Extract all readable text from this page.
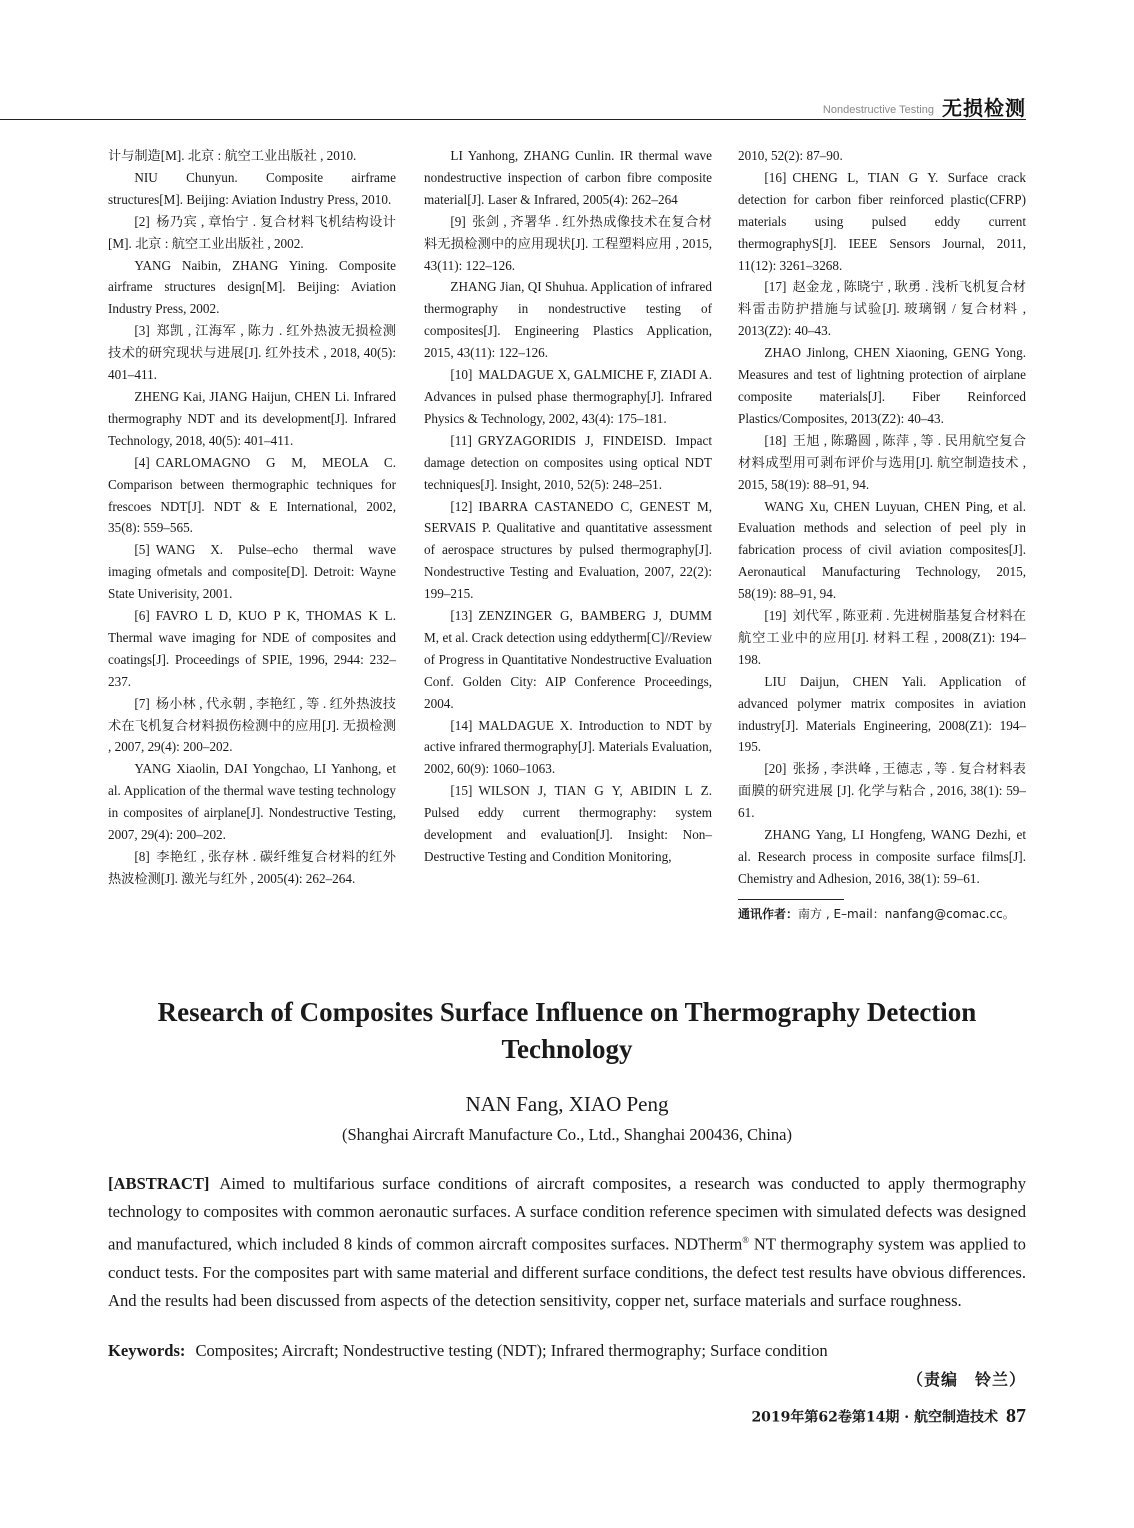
Nondestructive Testing 无损检测

计与制造[M]. 北京 : 航空工业出版社 , 2010.

NIU Chunyun. Composite airframe structures[M]. Beijing: Aviation Industry Press, 2010.

[2] 杨乃宾 , 章怡宁 . 复合材料飞机结构设计[M]. 北京 : 航空工业出版社 , 2002.

YANG Naibin, ZHANG Yining. Composite airframe structures design[M]. Beijing: Aviation Industry Press, 2002.

[3] 郑凯 , 江海军 , 陈力 . 红外热波无损检测技术的研究现状与进展[J]. 红外技术 , 2018, 40(5): 401–411.

ZHENG Kai, JIANG Haijun, CHEN Li. Infrared thermography NDT and its development[J]. Infrared Technology, 2018, 40(5): 401–411.

[4] CARLOMAGNO G M, MEOLA C. Comparison between thermographic techniques for frescoes NDT[J]. NDT & E International, 2002, 35(8): 559–565.

[5] WANG X. Pulse–echo thermal wave imaging ofmetals and composite[D]. Detroit: Wayne State Univerisity, 2001.

[6] FAVRO L D, KUO P K, THOMAS K L. Thermal wave imaging for NDE of composites and coatings[J]. Proceedings of SPIE, 1996, 2944: 232–237.

[7] 杨小林 , 代永朝 , 李艳红 , 等 . 红外热波技术在飞机复合材料损伤检测中的应用[J]. 无损检测 , 2007, 29(4): 200–202.

YANG Xiaolin, DAI Yongchao, LI Yanhong, et al. Application of the thermal wave testing technology in composites of airplane[J]. Nondestructive Testing, 2007, 29(4): 200–202.

[8] 李艳红 , 张存林 . 碳纤维复合材料的红外热波检测[J]. 激光与红外 , 2005(4): 262–264.

LI Yanhong, ZHANG Cunlin. IR thermal wave nondestructive inspection of carbon fibre composite material[J]. Laser & Infrared, 2005(4): 262–264

[9] 张剑 , 齐署华 . 红外热成像技术在复合材料无损检测中的应用现状[J]. 工程塑料应用 , 2015, 43(11): 122–126.

ZHANG Jian, QI Shuhua. Application of infrared thermography in nondestructive testing of composites[J]. Engineering Plastics Application, 2015, 43(11): 122–126.

[10] MALDAGUE X, GALMICHE F, ZIADI A. Advances in pulsed phase thermography[J]. Infrared Physics & Technology, 2002, 43(4): 175–181.

[11] GRYZAGORIDIS J, FINDEISD. Impact damage detection on composites using optical NDT techniques[J]. Insight, 2010, 52(5): 248–251.

[12] IBARRA CASTANEDO C, GENEST M, SERVAIS P. Qualitative and quantitative assessment of aerospace structures by pulsed thermography[J]. Nondestructive Testing and Evaluation, 2007, 22(2): 199–215.

[13] ZENZINGER G, BAMBERG J, DUMM M, et al. Crack detection using eddytherm[C]//Review of Progress in Quantitative Nondestructive Evaluation Conf. Golden City: AIP Conference Proceedings, 2004.

[14] MALDAGUE X. Introduction to NDT by active infrared thermography[J]. Materials Evaluation, 2002, 60(9): 1060–1063.

[15] WILSON J, TIAN G Y, ABIDIN L Z. Pulsed eddy current thermography: system development and evaluation[J]. Insight: Non–Destructive Testing and Condition Monitoring,

2010, 52(2): 87–90.

[16] CHENG L, TIAN G Y. Surface crack detection for carbon fiber reinforced plastic(CFRP) materials using pulsed eddy current thermographyS[J]. IEEE Sensors Journal, 2011, 11(12): 3261–3268.

[17] 赵金龙 , 陈晓宁 , 耿勇 . 浅析飞机复合材料雷击防护措施与试验[J]. 玻璃钢 / 复合材料 , 2013(Z2): 40–43.

ZHAO Jinlong, CHEN Xiaoning, GENG Yong. Measures and test of lightning protection of airplane composite materials[J]. Fiber Reinforced Plastics/Composites, 2013(Z2): 40–43.

[18] 王旭 , 陈璐圆 , 陈萍 , 等 . 民用航空复合材料成型用可剥布评价与选用[J]. 航空制造技术 , 2015, 58(19): 88–91, 94.

WANG Xu, CHEN Luyuan, CHEN Ping, et al. Evaluation methods and selection of peel ply in fabrication process of civil aviation composites[J]. Aeronautical Manufacturing Technology, 2015, 58(19): 88–91, 94.

[19] 刘代军 , 陈亚莉 . 先进树脂基复合材料在航空工业中的应用[J]. 材料工程 , 2008(Z1): 194–198.

LIU Daijun, CHEN Yali. Application of advanced polymer matrix composites in aviation industry[J]. Materials Engineering, 2008(Z1): 194–195.

[20] 张扬 , 李洪峰 , 王德志 , 等 . 复合材料表面膜的研究进展 [J]. 化学与粘合 , 2016, 38(1): 59–61.

ZHANG Yang, LI Hongfeng, WANG Dezhi, et al. Research process in composite surface films[J]. Chemistry and Adhesion, 2016, 38(1): 59–61.

通讯作者：南方 , E–mail：nanfang@comac.cc。

Research of Composites Surface Influence on Thermography Detection Technology

NAN Fang, XIAO Peng

(Shanghai Aircraft Manufacture Co., Ltd., Shanghai 200436, China)

[ABSTRACT] Aimed to multifarious surface conditions of aircraft composites, a research was conducted to apply thermography technology to composites with common aeronautic surfaces. A surface condition reference specimen with simulated defects was designed and manufactured, which included 8 kinds of common aircraft composites surfaces. NDTherm® NT thermography system was applied to conduct tests. For the composites part with same material and different surface conditions, the defect test results have obvious differences. And the results had been discussed from aspects of the detection sensitivity, copper net, surface materials and surface roughness.

Keywords: Composites; Aircraft; Nondestructive testing (NDT); Infrared thermography; Surface condition

（责编　铃兰）

2019年第62卷第14期 · 航空制造技术 87
